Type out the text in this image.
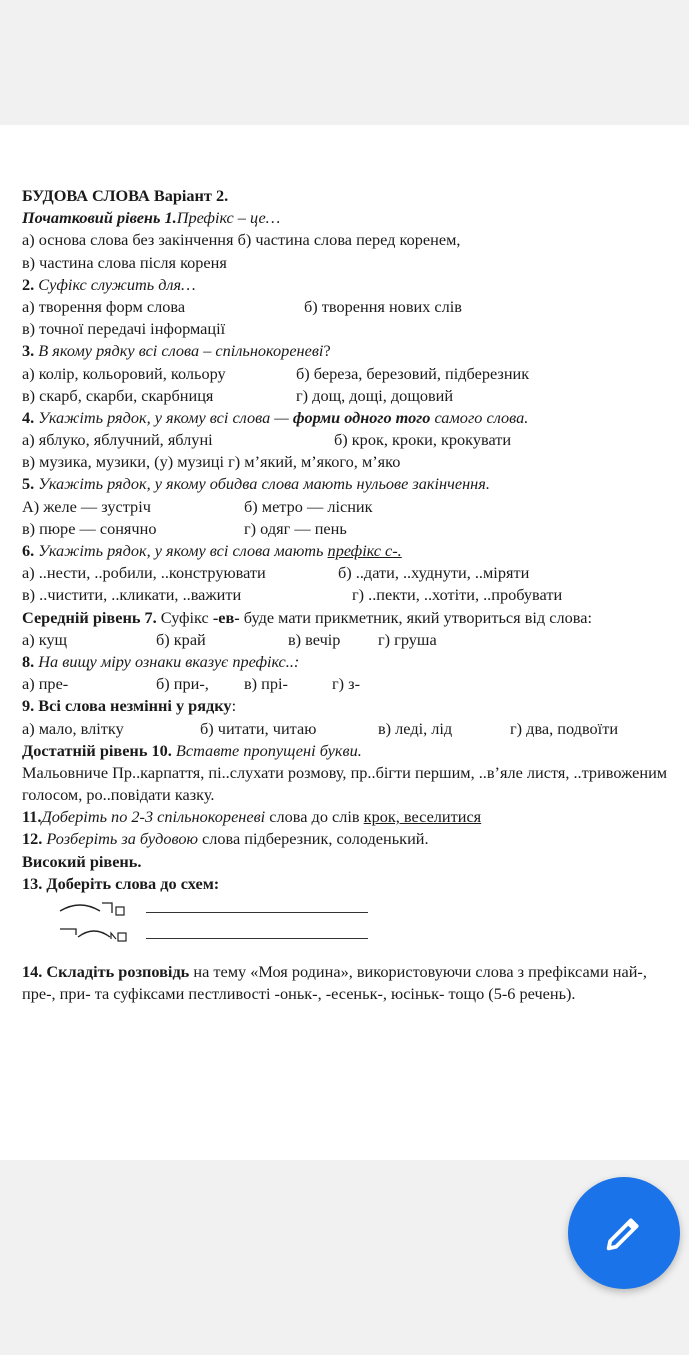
БУДОВА СЛОВА Варіант 2.
Початковий рівень 1.Префікс – це…
а) основа слова без закінчення б) частина слова перед коренем,
в) частина слова після кореня
2. Суфікс служить для…
а) творення форм слова	б) творення нових слів
в) точної передачі інформації
3. В якому рядку всі слова – спільнокореневі?
а) колір, кольоровий, кольору	б) береза, березовий, підберезник
в) скарб, скарби, скарбниця	г) дощ, дощі, дощовий
4. Укажіть рядок, у якому всі слова — форми одного того самого слова.
а) яблуко, яблучний, яблуні	б) крок, кроки, крокувати
в) музика, музики, (у) музиці г) м’який, м’якого, м’яко
5. Укажіть рядок, у якому обидва слова мають нульове закінчення.
А) желе — зустріч	б) метро — лісник
в) пюре — сонячно	г) одяг — пень
6. Укажіть рядок, у якому всі слова мають префікс с-.
а) ..нести, ..робили, ..конструювати	б) ..дати, ..худнути, ..міряти
в) ..чистити, ..кликати, ..важити	г) ..пекти, ..хотіти, ..пробувати
Середній рівень 7. Суфікс -ев- буде мати прикметник, який утвориться від слова:
а) кущ	б) край	в) вечір г) груша
8. На вищу міру ознаки вказує префікс..:
а) пре-	б) при-, в) прі-	г) з-
9. Всі слова незмінні у рядку:
а) мало, влітку	б) читати, читаю	в) леді, лід	г) два, подвоїти
Достатній рівень 10. Вставте пропущені букви.
Мальовниче Пр..карпаття, пі..слухати розмову, пр..бігти першим, ..в’яле листя, ..тривоженим голосом, ро..повідати казку.
11.Доберіть по 2-3 спільнокореневі слова до слів крок, веселитися
12. Розберіть за будовою слова підберезник, солоденький.
Високий рівень.
13. Доберіть слова до схем:
14. Складіть розповідь на тему «Моя родина», використовуючи слова з префіксами най-, пре-, при- та суфіксами пестливості -оньк-, -есеньк-, юсіньк- тощо (5-6 речень).
